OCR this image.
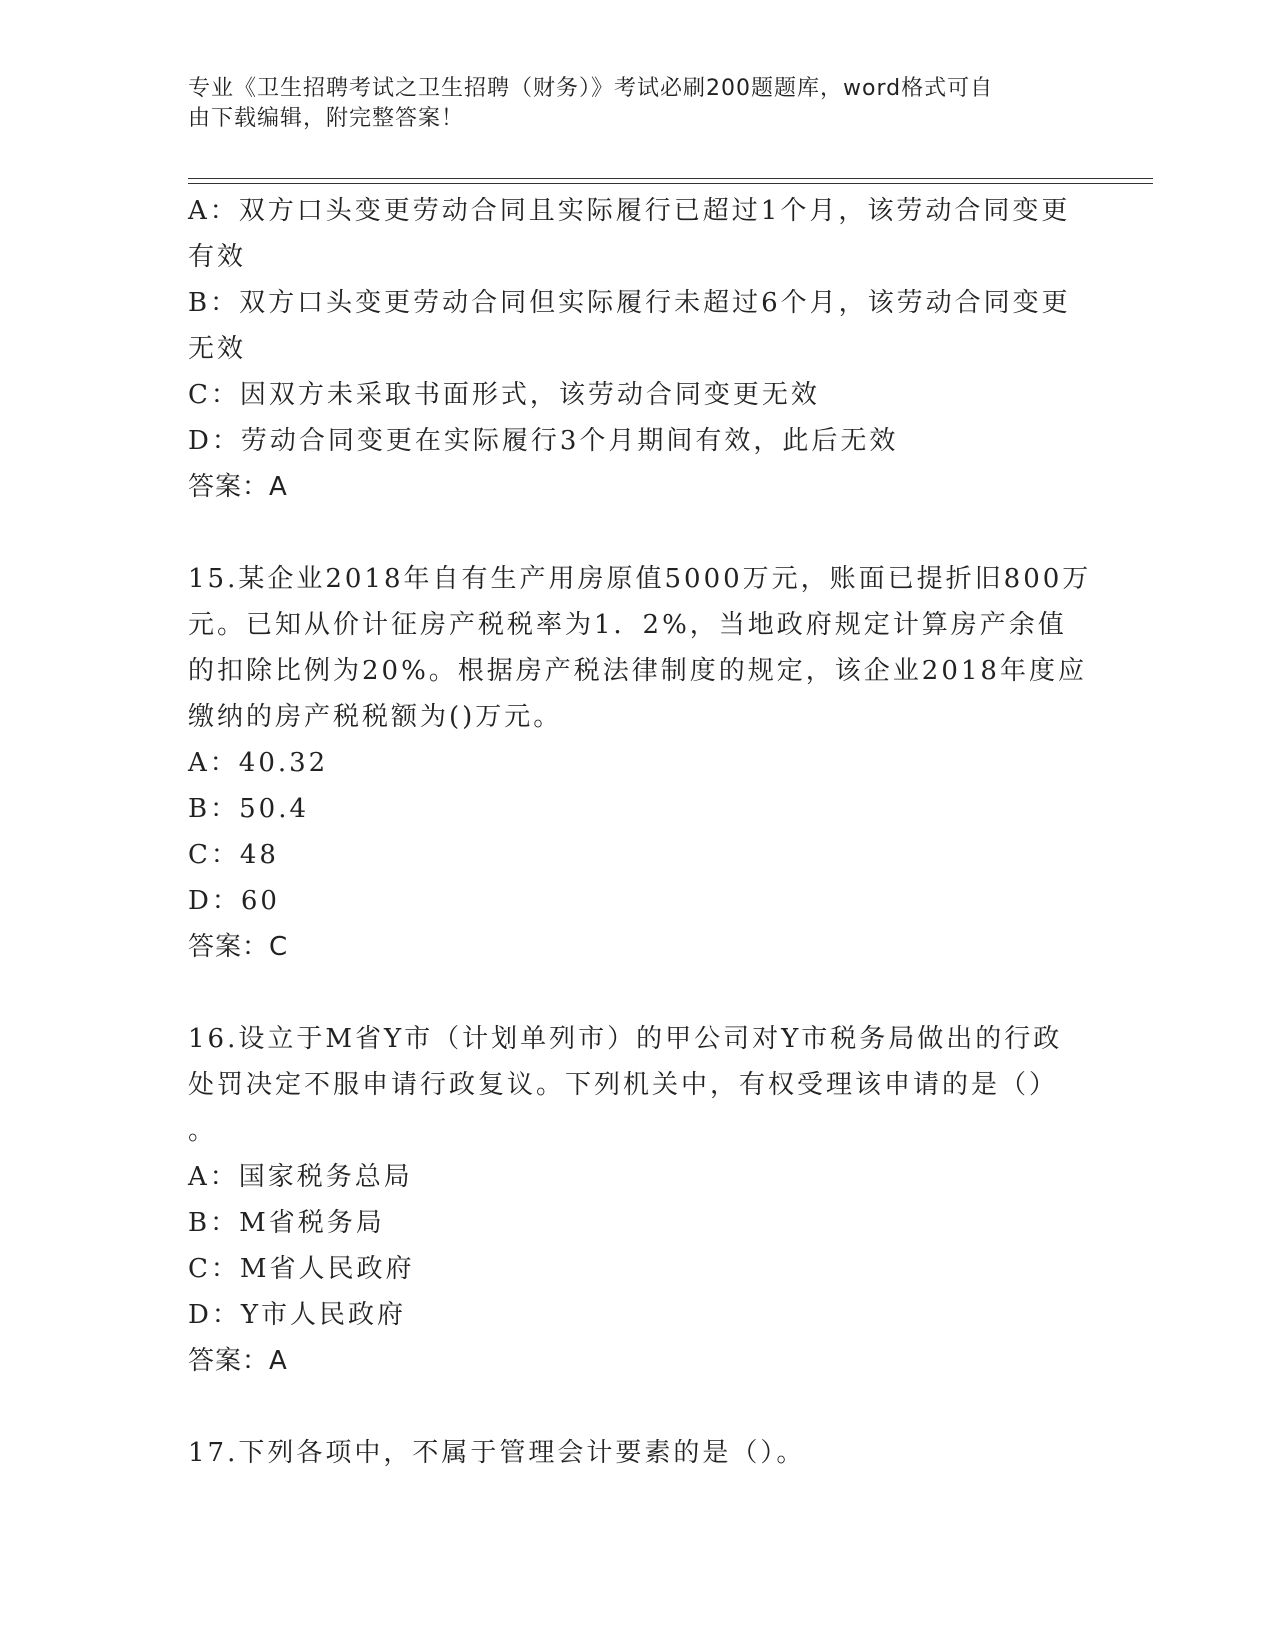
专业《卫生招聘考试之卫生招聘（财务）》考试必刷200题题库，word格式可自
由下载编辑，附完整答案！
A：双方口头变更劳动合同且实际履行已超过1个月，该劳动合同变更
有效
B：双方口头变更劳动合同但实际履行未超过6个月，该劳动合同变更
无效
C：因双方未采取书面形式，该劳动合同变更无效
D：劳动合同变更在实际履行3个月期间有效，此后无效
答案：A
15.某企业2018年自有生产用房原值5000万元，账面已提折旧800万
元。已知从价计征房产税税率为1．2%，当地政府规定计算房产余值
的扣除比例为20%。根据房产税法律制度的规定，该企业2018年度应
缴纳的房产税税额为()万元。
A：40.32
B：50.4
C：48
D：60
答案：C
16.设立于M省Y市（计划单列市）的甲公司对Y市税务局做出的行政
处罚决定不服申请行政复议。下列机关中，有权受理该申请的是（）
。
A：国家税务总局
B：M省税务局
C：M省人民政府
D：Y市人民政府
答案：A
17.下列各项中，不属于管理会计要素的是（）。
